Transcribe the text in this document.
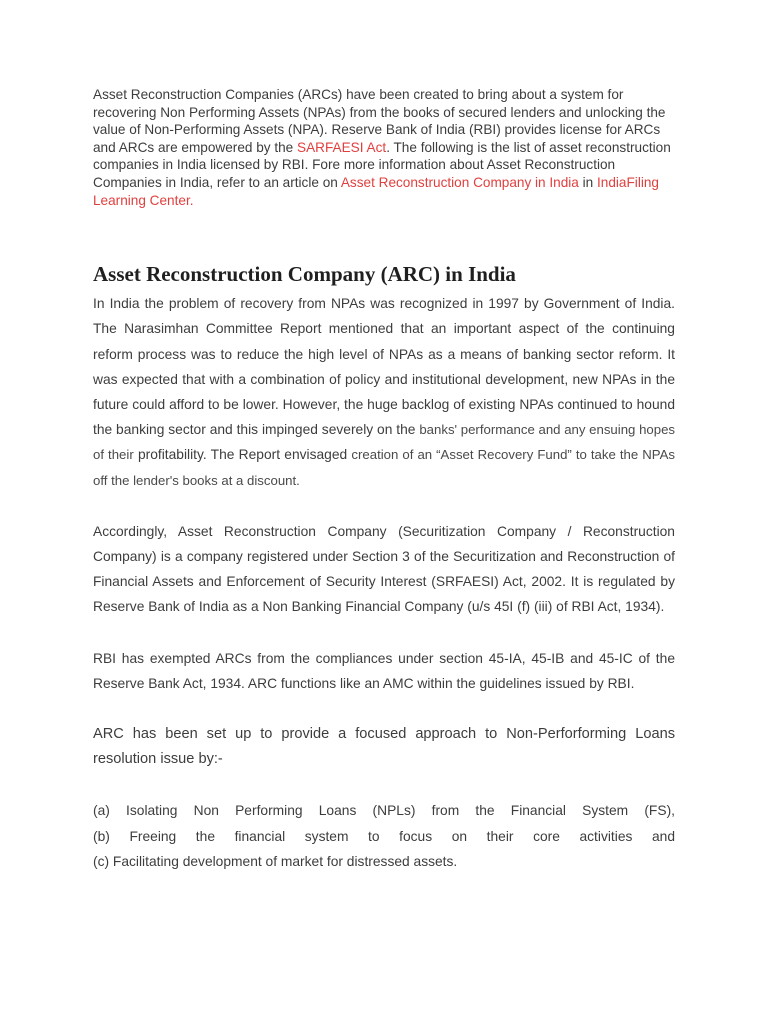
Asset Reconstruction Companies (ARCs) have been created to bring about a system for recovering Non Performing Assets (NPAs) from the books of secured lenders and unlocking the value of Non-Performing Assets (NPA). Reserve Bank of India (RBI) provides license for ARCs and ARCs are empowered by the SARFAESI Act. The following is the list of asset reconstruction companies in India licensed by RBI. Fore more information about Asset Reconstruction Companies in India, refer to an article on Asset Reconstruction Company in India in IndiaFiling Learning Center.

Asset Reconstruction Company (ARC) in India

In India the problem of recovery from NPAs was recognized in 1997 by Government of India. The Narasimhan Committee Report mentioned that an important aspect of the continuing reform process was to reduce the high level of NPAs as a means of banking sector reform. It was expected that with a combination of policy and institutional development, new NPAs in the future could afford to be lower. However, the huge backlog of existing NPAs continued to hound the banking sector and this impinged severely on the banks' performance and any ensuing hopes of their profitability. The Report envisaged creation of an “Asset Recovery Fund” to take the NPAs off the lender's books at a discount.

Accordingly, Asset Reconstruction Company (Securitization Company / Reconstruction Company) is a company registered under Section 3 of the Securitization and Reconstruction of Financial Assets and Enforcement of Security Interest (SRFAESI) Act, 2002. It is regulated by Reserve Bank of India as a Non Banking Financial Company (u/s 45I (f) (iii) of RBI Act, 1934).

RBI has exempted ARCs from the compliances under section 45-IA, 45-IB and 45-IC of the Reserve Bank Act, 1934. ARC functions like an AMC within the guidelines issued by RBI.

ARC has been set up to provide a focused approach to Non-Perforforming Loans resolution issue by:-

(a) Isolating Non Performing Loans (NPLs) from the Financial System (FS),
(b) Freeing the financial system to focus on their core activities and
(c) Facilitating development of market for distressed assets.
